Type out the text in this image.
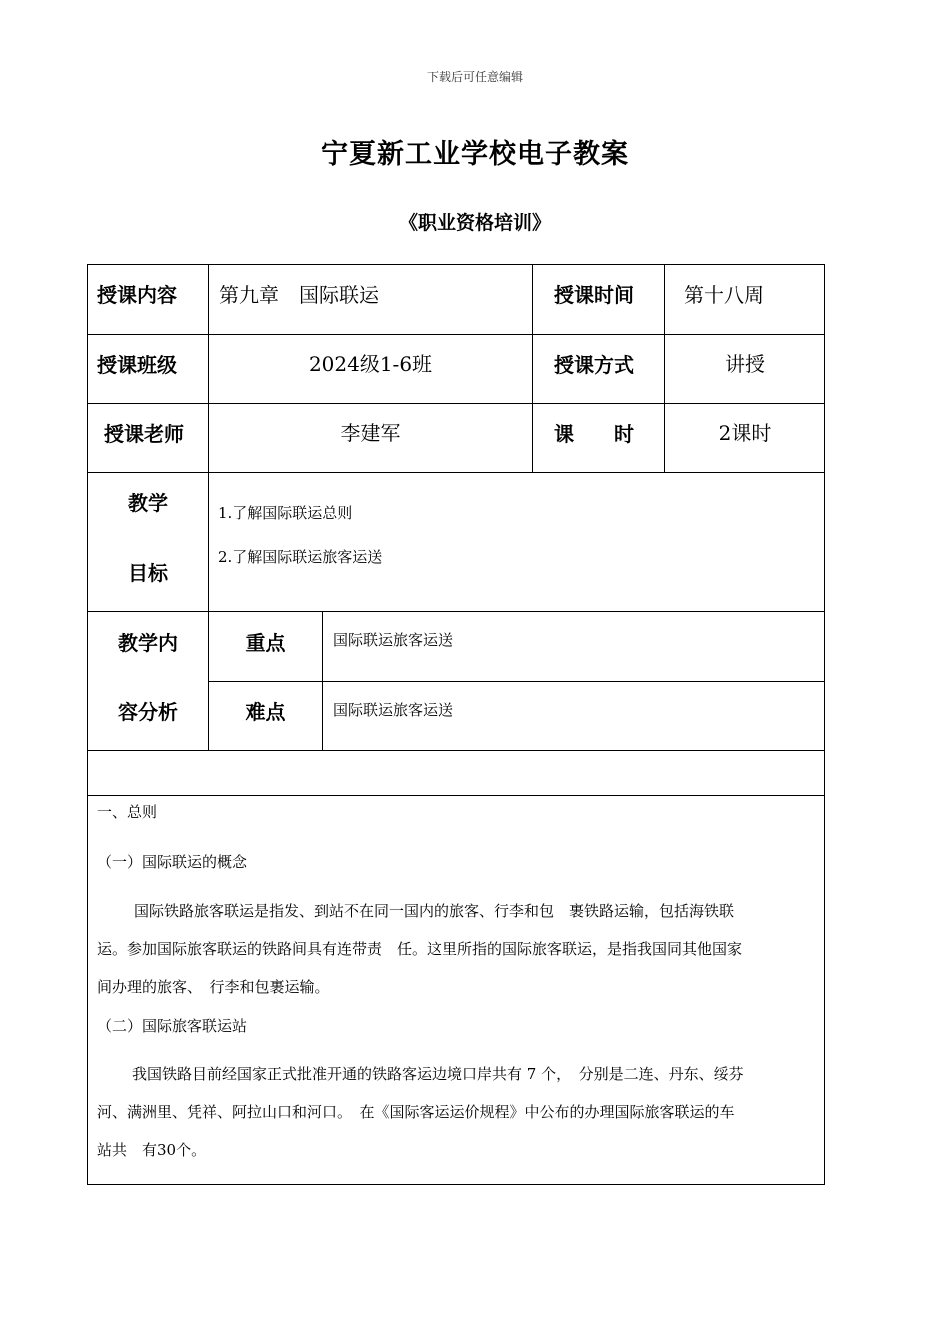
下载后可任意编辑
宁夏新工业学校电子教案
《职业资格培训》
授课内容 第九章　国际联运	授课时间	第十八周
授课班级	2024级1-6班	授课方式	讲授
授课老师	李建军	课　　时	2课时
教学
目标
1.了解国际联运总则
2.了解国际联运旅客运送
教学内
容分析
重点	国际联运旅客运送
难点	国际联运旅客运送
一、总则
（一）国际联运的概念
国际铁路旅客联运是指发、到站不在同一国内的旅客、行李和包　裹铁路运输，包括海铁联
运。参加国际旅客联运的铁路间具有连带责　任。这里所指的国际旅客联运，是指我国同其他国家
间办理的旅客、　行李和包裹运输。
（二）国际旅客联运站
我国铁路目前经国家正式批准开通的铁路客运边境口岸共有 7 个，　分别是二连、丹东、绥芬
河、满洲里、凭祥、阿拉山口和河口。　在《国际客运运价规程》中公布的办理国际旅客联运的车
站共　有30个。
